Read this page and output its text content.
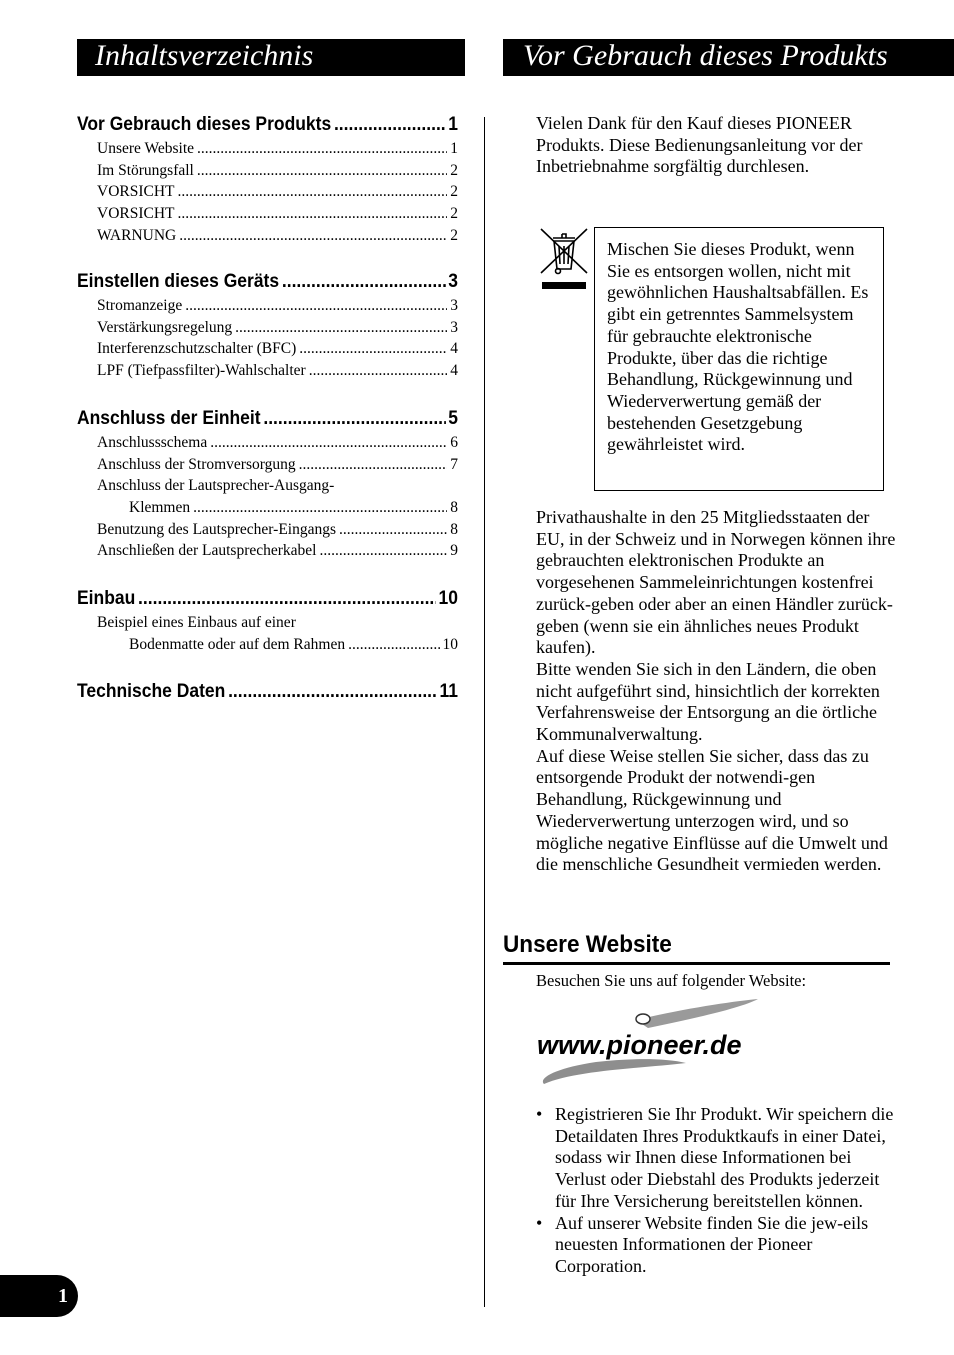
Inhaltsverzeichnis	Vor Gebrauch dieses Produkts
Vor Gebrauch dieses Produkts .....	1
Unsere Website .....	1
Im Störungsfall .....	2
VORSICHT .....	2
VORSICHT .....	2
WARNUNG .....	2
Einstellen dieses Geräts .....	3
Stromanzeige .....	3
Verstärkungsregelung .....	3
Interferenzschutzschalter (BFC) .....	4
LPF (Tiefpassfilter)-Wahlschalter .....	4
Anschluss der Einheit .....	5
Anschlussschema .....	6
Anschluss der Stromversorgung .....	7
Anschluss der Lautsprecher-Ausgang-
Klemmen .....	8
Benutzung des Lautsprecher-Eingangs .....	8
Anschließen der Lautsprecherkabel .....	9
Einbau .....	10
Beispiel eines Einbaus auf einer
Bodenmatte oder auf dem Rahmen .....	10
Technische Daten .....	11
Vielen Dank für den Kauf dieses PIONEER Produkts. Diese Bedienungsanleitung vor der Inbetriebnahme sorgfältig durchlesen.
Mischen Sie dieses Produkt, wenn Sie es entsorgen wollen, nicht mit gewöhnlichen Haushaltsabfällen. Es gibt ein getrenntes Sammelsystem für gebrauchte elektronische Produkte, über das die richtige Behandlung, Rückgewinnung und Wiederverwertung gemäß der bestehenden Gesetzgebung gewährleistet wird.
Privathaushalte in den 25 Mitgliedsstaaten der EU, in der Schweiz und in Norwegen können ihre gebrauchten elektronischen Produkte an vorgesehenen Sammeleinrichtungen kostenfrei zurück-geben oder aber an einen Händler zurück-geben (wenn sie ein ähnliches neues Produkt kaufen).
Bitte wenden Sie sich in den Ländern, die oben nicht aufgeführt sind, hinsichtlich der korrekten Verfahrensweise der Entsorgung an die örtliche Kommunalverwaltung.
Auf diese Weise stellen Sie sicher, dass das zu entsorgende Produkt der notwendi-gen Behandlung, Rückgewinnung und Wiederverwertung unterzogen wird, und so mögliche negative Einflüsse auf die Umwelt und die menschliche Gesundheit vermieden werden.
Unsere Website
Besuchen Sie uns auf folgender Website:
www.pioneer.de
• Registrieren Sie Ihr Produkt. Wir speichern die Detaildaten Ihres Produktkaufs in einer Datei, sodass wir Ihnen diese Informationen bei Verlust oder Diebstahl des Produkts jederzeit für Ihre Versicherung bereitstellen können.
• Auf unserer Website finden Sie die jew-eils neuesten Informationen der Pioneer Corporation.
1
